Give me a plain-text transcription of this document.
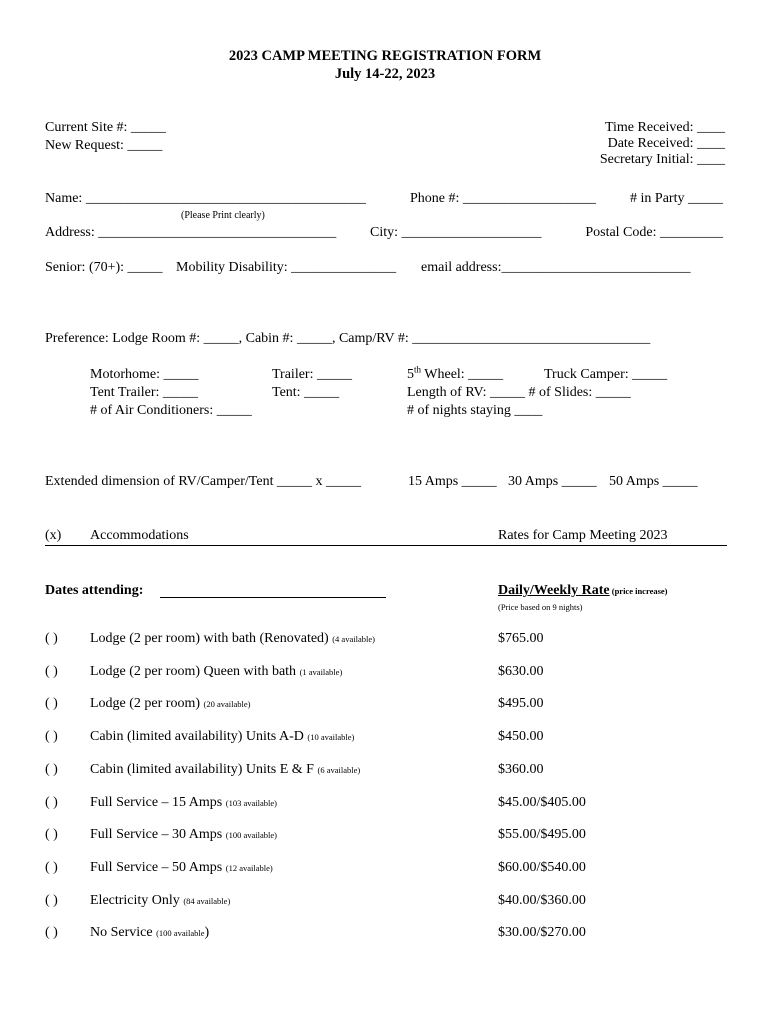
2023 CAMP MEETING REGISTRATION FORM
July 14-22, 2023
Current Site #: _____
New Request: _____
Time Received: ____
Date Received: ____
Secretary Initial: ____
Name: ________________________________________	Phone #: ___________________ # in Party _____
(Please Print clearly)
Address: __________________________________ City: ____________________	Postal Code: _________
Senior: (70+): _____ Mobility Disability: _______________ email address:___________________________
Preference: Lodge Room #: _____, Cabin #: _____, Camp/RV #: __________________________________
Motorhome: _____	Trailer: _____	5th Wheel: _____	Truck Camper: _____
Tent Trailer: _____	Tent: _____	Length of RV: _____ # of Slides: _____
# of Air Conditioners: _____	# of nights staying ____
Extended dimension of RV/Camper/Tent _____ x _____	15 Amps _____ 30 Amps _____ 50 Amps _____
(x) Accommodations	Rates for Camp Meeting 2023
Dates attending:	Daily/Weekly Rate (price increase)
(Price based on 9 nights)
( ) Lodge (2 per room) with bath (Renovated) (4 available)	$765.00
( ) Lodge (2 per room) Queen with bath (1 available)	$630.00
( ) Lodge (2 per room) (20 available)	$495.00
( ) Cabin (limited availability) Units A-D (10 available)	$450.00
( ) Cabin (limited availability) Units E & F (6 available)	$360.00
( ) Full Service – 15 Amps (103 available)	$45.00/$405.00
( ) Full Service – 30 Amps (100 available)	$55.00/$495.00
( ) Full Service – 50 Amps (12 available)	$60.00/$540.00
( ) Electricity Only (84 available)	$40.00/$360.00
( ) No Service (100 available)	$30.00/$270.00
